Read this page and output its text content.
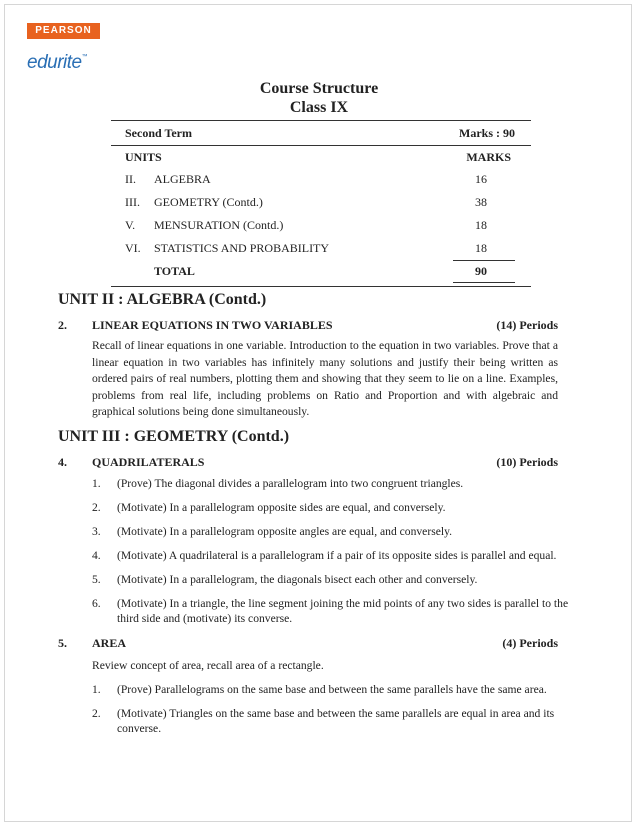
PEARSON
edurite™
Course Structure
Class IX
Second Term	Marks : 90
UNITS	MARKS
II. ALGEBRA	16
III. GEOMETRY (Contd.)	38
V. MENSURATION (Contd.)	18
VI. STATISTICS AND PROBABILITY	18
TOTAL	90
UNIT II : ALGEBRA (Contd.)
2. LINEAR EQUATIONS IN TWO VARIABLES	(14) Periods

Recall of linear equations in one variable. Introduction to the equation in two variables. Prove that a linear equation in two variables has infinitely many solutions and justify their being written as ordered pairs of real numbers, plotting them and showing that they seem to lie on a line. Examples, problems from real life, including problems on Ratio and Proportion and with algebraic and graphical solutions being done simultaneously.

UNIT III : GEOMETRY (Contd.)
4. QUADRILATERALS	(10) Periods
1.	(Prove) The diagonal divides a parallelogram into two congruent triangles.
2.	(Motivate) In a parallelogram opposite sides are equal, and conversely.
3.	(Motivate) In a parallelogram opposite angles are equal, and conversely.
4.	(Motivate) A quadrilateral is a parallelogram if a pair of its opposite sides is parallel and equal.
5.	(Motivate) In a parallelogram, the diagonals bisect each other and conversely.
6.	(Motivate) In a triangle, the line segment joining the mid points of any two sides is parallel to the third side and (motivate) its converse.
5. AREA	(4) Periods
Review concept of area, recall area of a rectangle.
1.	(Prove) Parallelograms on the same base and between the same parallels have the same area.
2.	(Motivate) Triangles on the same base and between the same parallels are equal in area and its converse.
